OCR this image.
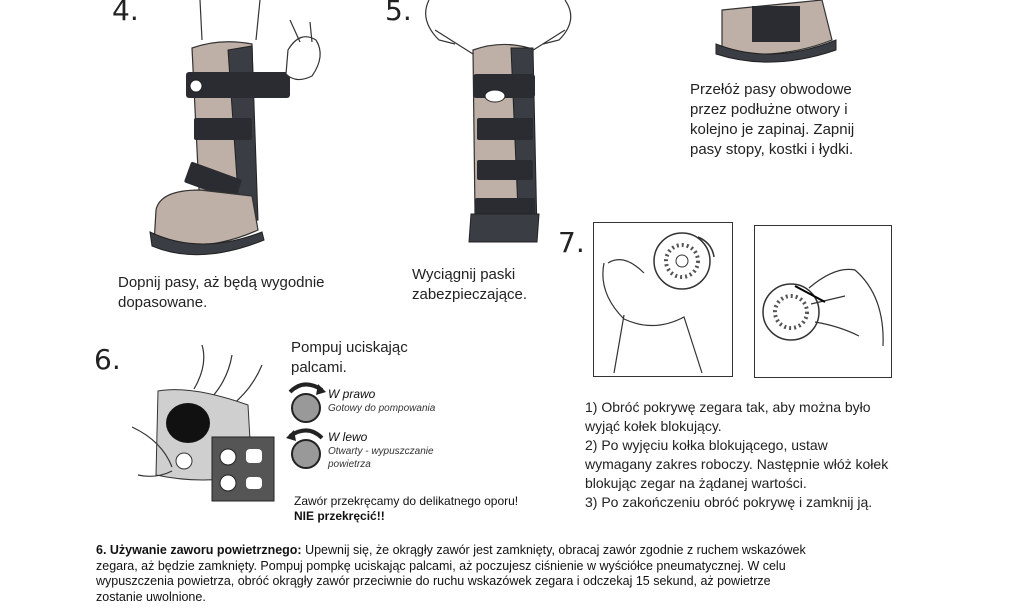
4.

Dopnij pasy, aż będą wygodnie

dopasowane.

5.

Wyciągnij paski

zabezpieczające.

Przełóż pasy obwodowe

przez podłużne otwory i

kolejno je zapinaj. Zapnij

pasy stopy, kostki i łydki.

6.	Pompuj uciskając

palcami.

W prawo
Gotowy do pompowania
W lewo
Otwarty - wypuszczanie
powietrza
Zawór przekręcamy do delikatnego oporu!
NIE przekręcić!!
7.

1) Obróć pokrywę zegara tak, aby można było

wyjąć kołek blokujący.

2) Po wyjęciu kołka blokującego, ustaw

wymagany zakres roboczy. Następnie włóż kołek

blokując zegar na żądanej wartości.

3) Po zakończeniu obróć pokrywę i zamknij ją.

6. Używanie zaworu powietrznego: Upewnij się, że okrągły zawór jest zamknięty, obracaj zawór zgodnie z ruchem wskazówek

zegara, aż będzie zamknięty. Pompuj pompkę uciskając palcami, aż poczujesz ciśnienie w wyściółce pneumatycznej. W celu

wypuszczenia powietrza, obróć okrągły zawór przeciwnie do ruchu wskazówek zegara i odczekaj 15 sekund, aż powietrze

zostanie uwolnione.
